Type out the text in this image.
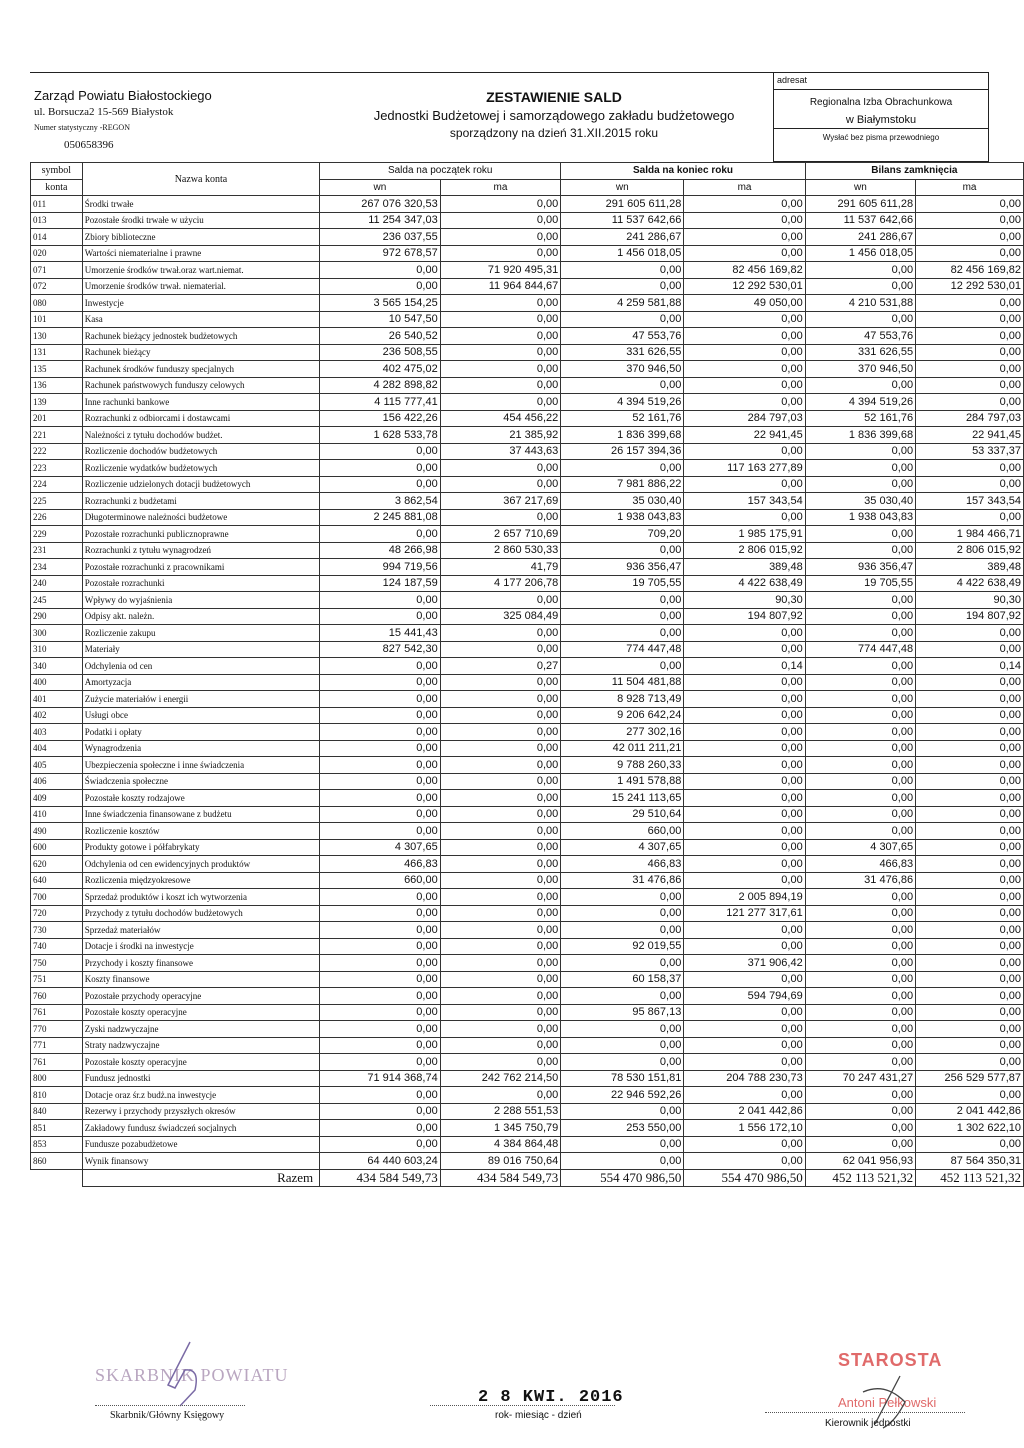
Zarząd Powiatu Białostockiego
ul. Borsucza2 15-569 Białystok
Numer statystyczny -REGON
050658396
ZESTAWIENIE SALD
Jednostki Budżetowej i samorządowego zakładu budżetowego
sporządzony na dzień 31.XII.2015 roku
adresat
Regionalna Izba Obrachunkowa
w Białymstoku
Wysłać bez pisma przewodniego
symbol	Nazwa konta	Salda na początek roku		Salda na koniec roku		Bilans zamknięcia	
konta		wn	ma	wn	ma	wn	ma
011	Środki trwałe	267 076 320,53	0,00	291 605 611,28	0,00	291 605 611,28	0,00
013	Pozostałe środki trwałe w użyciu	11 254 347,03	0,00	11 537 642,66	0,00	11 537 642,66	0,00
014	Zbiory biblioteczne	236 037,55	0,00	241 286,67	0,00	241 286,67	0,00
020	Wartości niematerialne i prawne	972 678,57	0,00	1 456 018,05	0,00	1 456 018,05	0,00
071	Umorzenie środków trwał.oraz wart.niemat.	0,00	71 920 495,31	0,00	82 456 169,82	0,00	82 456 169,82
072	Umorzenie środków trwał. niematerial.	0,00	11 964 844,67	0,00	12 292 530,01	0,00	12 292 530,01
080	Inwestycje	3 565 154,25	0,00	4 259 581,88	49 050,00	4 210 531,88	0,00
101	Kasa	10 547,50	0,00	0,00	0,00	0,00	0,00
130	Rachunek bieżący jednostek budżetowych	26 540,52	0,00	47 553,76	0,00	47 553,76	0,00
131	Rachunek bieżący	236 508,55	0,00	331 626,55	0,00	331 626,55	0,00
135	Rachunek środków funduszy specjalnych	402 475,02	0,00	370 946,50	0,00	370 946,50	0,00
136	Rachunek państwowych funduszy celowych	4 282 898,82	0,00	0,00	0,00	0,00	0,00
139	Inne rachunki bankowe	4 115 777,41	0,00	4 394 519,26	0,00	4 394 519,26	0,00
201	Rozrachunki z odbiorcami i dostawcami	156 422,26	454 456,22	52 161,76	284 797,03	52 161,76	284 797,03
221	Należności z tytułu dochodów budżet.	1 628 533,78	21 385,92	1 836 399,68	22 941,45	1 836 399,68	22 941,45
222	Rozliczenie dochodów budżetowych	0,00	37 443,63	26 157 394,36	0,00	0,00	53 337,37
223	Rozliczenie wydatków budżetowych	0,00	0,00	0,00	117 163 277,89	0,00	0,00
224	Rozliczenie udzielonych dotacji budżetowych	0,00	0,00	7 981 886,22	0,00	0,00	0,00
225	Rozrachunki z budżetami	3 862,54	367 217,69	35 030,40	157 343,54	35 030,40	157 343,54
226	Długoterminowe należności budżetowe	2 245 881,08	0,00	1 938 043,83	0,00	1 938 043,83	0,00
229	Pozostałe rozrachunki publicznoprawne	0,00	2 657 710,69	709,20	1 985 175,91	0,00	1 984 466,71
231	Rozrachunki z tytułu wynagrodzeń	48 266,98	2 860 530,33	0,00	2 806 015,92	0,00	2 806 015,92
234	Pozostałe rozrachunki z pracownikami	994 719,56	41,79	936 356,47	389,48	936 356,47	389,48
240	Pozostałe rozrachunki	124 187,59	4 177 206,78	19 705,55	4 422 638,49	19 705,55	4 422 638,49
245	Wpływy do wyjaśnienia	0,00	0,00	0,00	90,30	0,00	90,30
290	Odpisy akt. należn.	0,00	325 084,49	0,00	194 807,92	0,00	194 807,92
300	Rozliczenie zakupu	15 441,43	0,00	0,00	0,00	0,00	0,00
310	Materiały	827 542,30	0,00	774 447,48	0,00	774 447,48	0,00
340	Odchylenia od cen	0,00	0,27	0,00	0,14	0,00	0,14
400	Amortyzacja	0,00	0,00	11 504 481,88	0,00	0,00	0,00
401	Zużycie materiałów i energii	0,00	0,00	8 928 713,49	0,00	0,00	0,00
402	Usługi obce	0,00	0,00	9 206 642,24	0,00	0,00	0,00
403	Podatki i opłaty	0,00	0,00	277 302,16	0,00	0,00	0,00
404	Wynagrodzenia	0,00	0,00	42 011 211,21	0,00	0,00	0,00
405	Ubezpieczenia społeczne i inne świadczenia	0,00	0,00	9 788 260,33	0,00	0,00	0,00
406	Świadczenia społeczne	0,00	0,00	1 491 578,88	0,00	0,00	0,00
409	Pozostałe koszty rodzajowe	0,00	0,00	15 241 113,65	0,00	0,00	0,00
410	Inne świadczenia finansowane z budżetu	0,00	0,00	29 510,64	0,00	0,00	0,00
490	Rozliczenie kosztów	0,00	0,00	660,00	0,00	0,00	0,00
600	Produkty gotowe i półfabrykaty	4 307,65	0,00	4 307,65	0,00	4 307,65	0,00
620	Odchylenia od cen ewidencyjnych produktów	466,83	0,00	466,83	0,00	466,83	0,00
640	Rozliczenia międzyokresowe	660,00	0,00	31 476,86	0,00	31 476,86	0,00
700	Sprzedaż produktów i koszt ich wytworzenia	0,00	0,00	0,00	2 005 894,19	0,00	0,00
720	Przychody z tytułu dochodów budżetowych	0,00	0,00	0,00	121 277 317,61	0,00	0,00
730	Sprzedaż materiałów	0,00	0,00	0,00	0,00	0,00	0,00
740	Dotacje i środki na inwestycje	0,00	0,00	92 019,55	0,00	0,00	0,00
750	Przychody i koszty finansowe	0,00	0,00	0,00	371 906,42	0,00	0,00
751	Koszty finansowe	0,00	0,00	60 158,37	0,00	0,00	0,00
760	Pozostałe przychody operacyjne	0,00	0,00	0,00	594 794,69	0,00	0,00
761	Pozostałe koszty operacyjne	0,00	0,00	95 867,13	0,00	0,00	0,00
770	Zyski nadzwyczajne	0,00	0,00	0,00	0,00	0,00	0,00
771	Straty nadzwyczajne	0,00	0,00	0,00	0,00	0,00	0,00
761	Pozostałe koszty operacyjne	0,00	0,00	0,00	0,00	0,00	0,00
800	Fundusz jednostki	71 914 368,74	242 762 214,50	78 530 151,81	204 788 230,73	70 247 431,27	256 529 577,87
810	Dotacje oraz śr.z budż.na inwestycje	0,00	0,00	22 946 592,26	0,00	0,00	0,00
840	Rezerwy i przychody przyszłych okresów	0,00	2 288 551,53	0,00	2 041 442,86	0,00	2 041 442,86
851	Zakładowy fundusz świadczeń socjalnych	0,00	1 345 750,79	253 550,00	1 556 172,10	0,00	1 302 622,10
853	Fundusze pozabudżetowe	0,00	4 384 864,48	0,00	0,00	0,00	0,00
860	Wynik finansowy	64 440 603,24	89 016 750,64	0,00	0,00	62 041 956,93	87 564 350,31
	Razem	434 584 549,73	434 584 549,73	554 470 986,50	554 470 986,50	452 113 521,32	452 113 521,32
SKARBNIK POWIATU
Skarbnik/Główny Księgowy
2 8 KWI. 2016
rok- miesiąc - dzień
STAROSTA
Antoni Pełkowski
Kierownik jednostki
